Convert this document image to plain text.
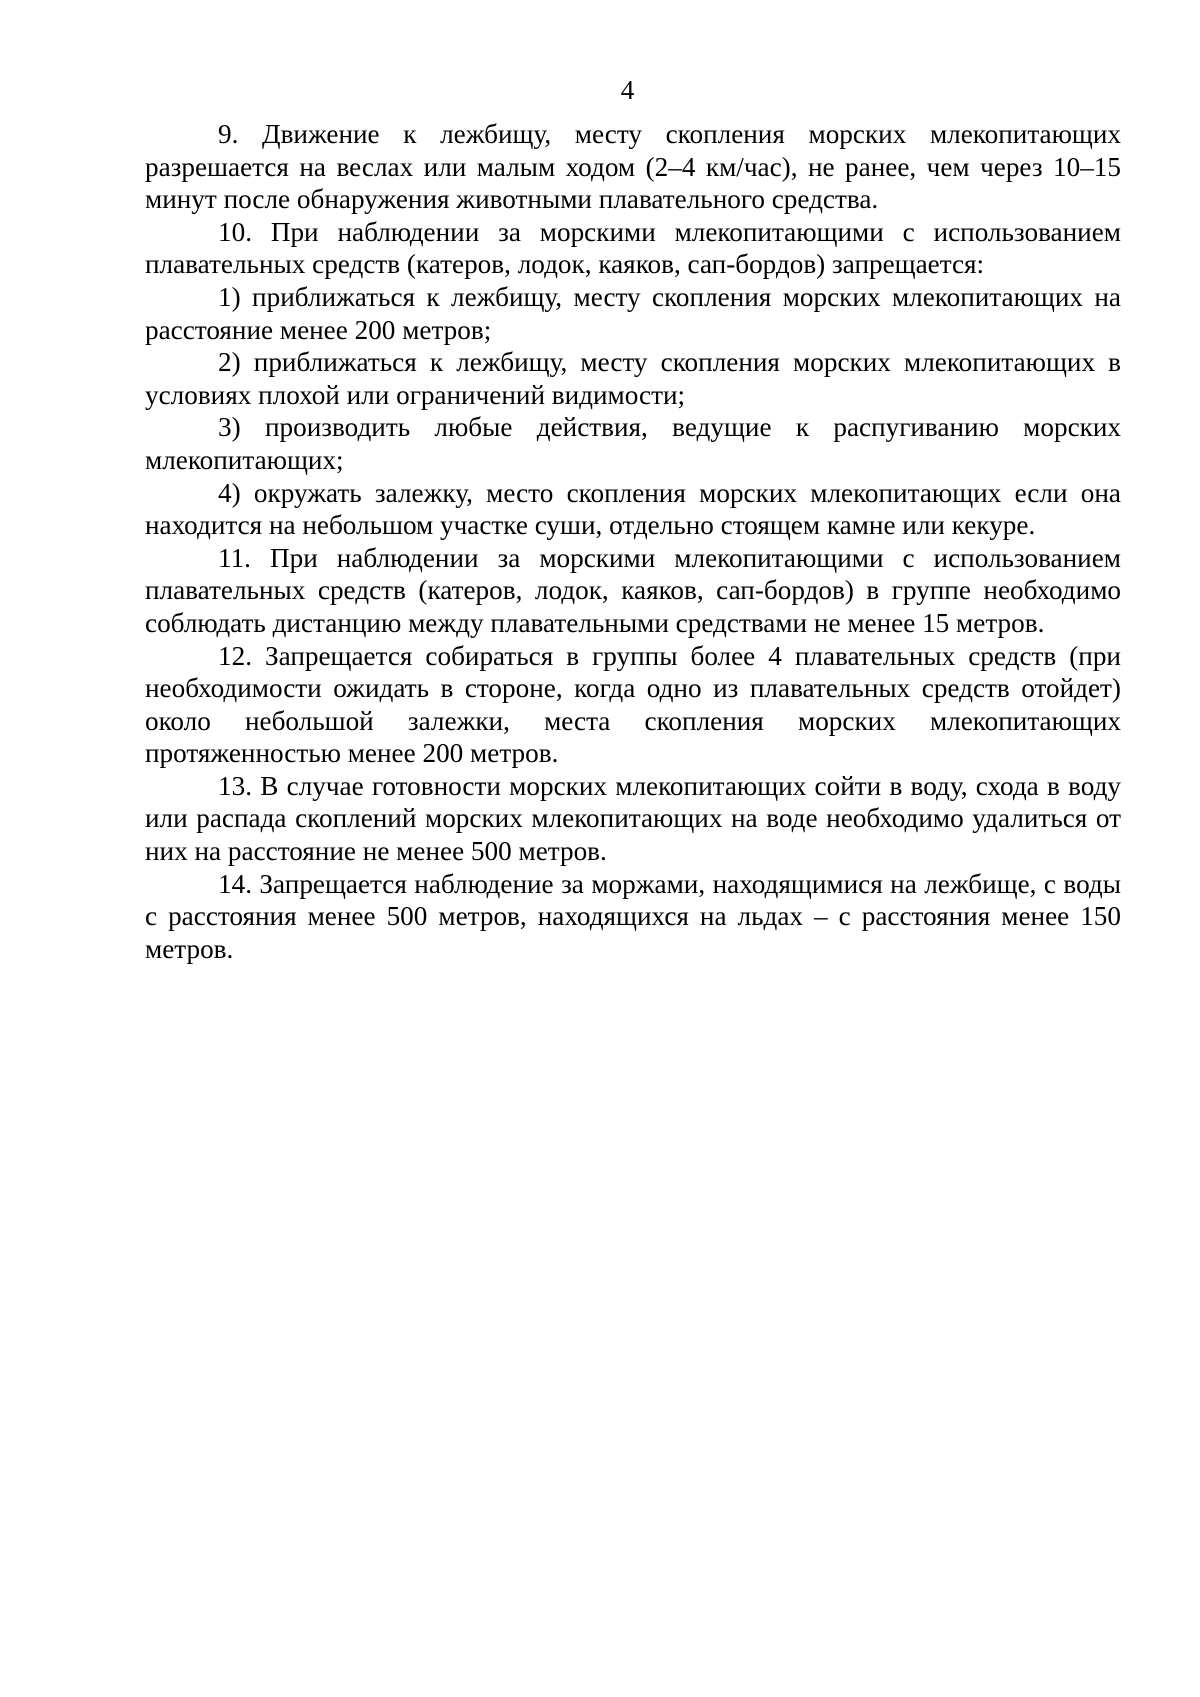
4

9. Движение к лежбищу, месту скопления морских млекопитающих разрешается на веслах или малым ходом (2–4 км/час), не ранее, чем через 10–15 минут после обнаружения животными плавательного средства.

10. При наблюдении за морскими млекопитающими с использованием плавательных средств (катеров, лодок, каяков, сап-бордов) запрещается:

1) приближаться к лежбищу, месту скопления морских млекопитающих на расстояние менее 200 метров;

2) приближаться к лежбищу, месту скопления морских млекопитающих в условиях плохой или ограничений видимости;

3) производить любые действия, ведущие к распугиванию морских млекопитающих;

4) окружать залежку, место скопления морских млекопитающих если она находится на небольшом участке суши, отдельно стоящем камне или кекуре.

11. При наблюдении за морскими млекопитающими с использованием плавательных средств (катеров, лодок, каяков, сап-бордов) в группе необходимо соблюдать дистанцию между плавательными средствами не менее 15 метров.

12. Запрещается собираться в группы более 4 плавательных средств (при необходимости ожидать в стороне, когда одно из плавательных средств отойдет) около небольшой залежки, места скопления морских млекопитающих протяженностью менее 200 метров.

13. В случае готовности морских млекопитающих сойти в воду, схода в воду или распада скоплений морских млекопитающих на воде необходимо удалиться от них на расстояние не менее 500 метров.

14. Запрещается наблюдение за моржами, находящимися на лежбище, с воды с расстояния менее 500 метров, находящихся на льдах – с расстояния менее 150 метров.
